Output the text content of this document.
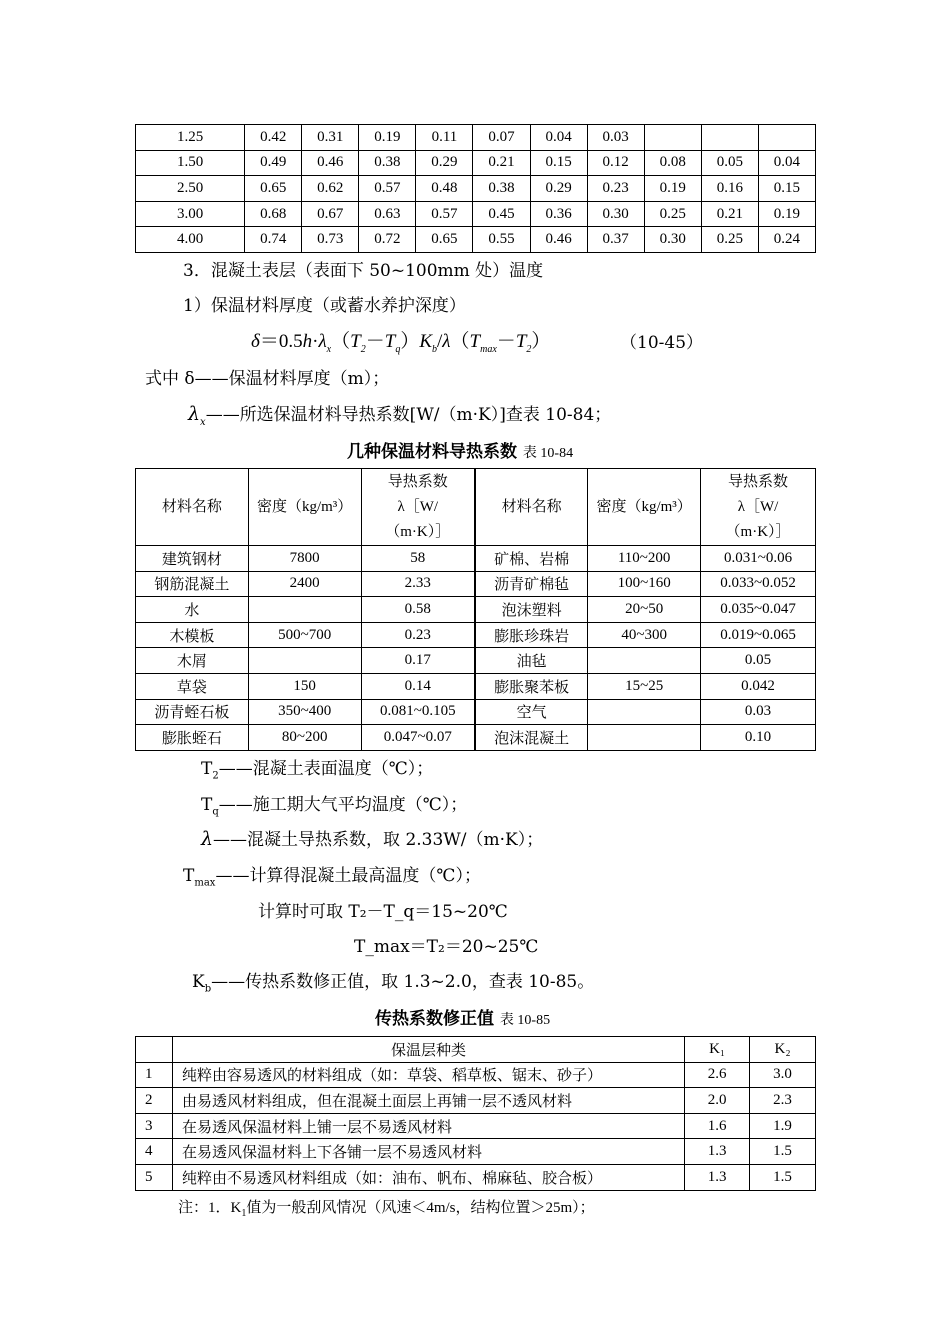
1.25	0.42	0.31	0.19	0.11	0.07	0.04	0.03			
1.50	0.49	0.46	0.38	0.29	0.21	0.15	0.12	0.08	0.05	0.04
2.50	0.65	0.62	0.57	0.48	0.38	0.29	0.23	0.19	0.16	0.15
3.00	0.68	0.67	0.63	0.57	0.45	0.36	0.30	0.25	0.21	0.19
4.00	0.74	0.73	0.72	0.65	0.55	0.46	0.37	0.30	0.25	0.24
3．混凝土表层（表面下 50~100mm 处）温度
1）保温材料厚度（或蓄水养护深度）
$\delta=0.5h\cdot\lambda_x(T_2-T_q)K_b/\lambda(T_{max}-T_2)$	（10-45）
式中 δ——保温材料厚度（m）；
$\lambda_x——$所选保温材料导热系数[W/（m·K）]查表 10-84；
几种保温材料导热系数 表 10-84
材料名称	密度（kg/m³）	导热系数
λ［W/
（m·K）］	材料名称	密度（kg/m³）	导热系数
λ［W/
（m·K）］
建筑钢材	7800	58	矿棉、岩棉	110~200	0.031~0.06
钢筋混凝土	2400	2.33	沥青矿棉毡	100~160	0.033~0.052
水		0.58	泡沫塑料	20~50	0.035~0.047
木模板	500~700	0.23	膨胀珍珠岩	40~300	0.019~0.065
木屑		0.17	油毡		0.05
草袋	150	0.14	膨胀聚苯板	15~25	0.042
沥青蛭石板	350~400	0.081~0.105	空气		0.03
膨胀蛭石	80~200	0.047~0.07	泡沫混凝土		0.10
$T_2——$混凝土表面温度（℃）；
$T_q——$施工期大气平均温度（℃）；
λ——混凝土导热系数，取 2.33W/（m·K）；
$T_{max}——$计算得混凝土最高温度（℃）；
计算时可取 T₂－T_q＝15~20℃
T_max＝T₂＝20~25℃
$K_b——$传热系数修正值，取 1.3~2.0，查表 10-85。
传热系数修正值 表 10-85
	保温层种类	K₁	K₂
1	纯粹由容易透风的材料组成（如：草袋、稻草板、锯末、砂子）	2.6	3.0
2	由易透风材料组成，但在混凝土面层上再铺一层不透风材料	2.0	2.3
3	在易透风保温材料上铺一层不易透风材料	1.6	1.9
4	在易透风保温材料上下各铺一层不易透风材料	1.3	1.5
5	纯粹由不易透风材料组成（如：油布、帆布、棉麻毡、胶合板）	1.3	1.5
注：1．$K_1$值为一般刮风情况（风速＜4m/s，结构位置＞25m）；
